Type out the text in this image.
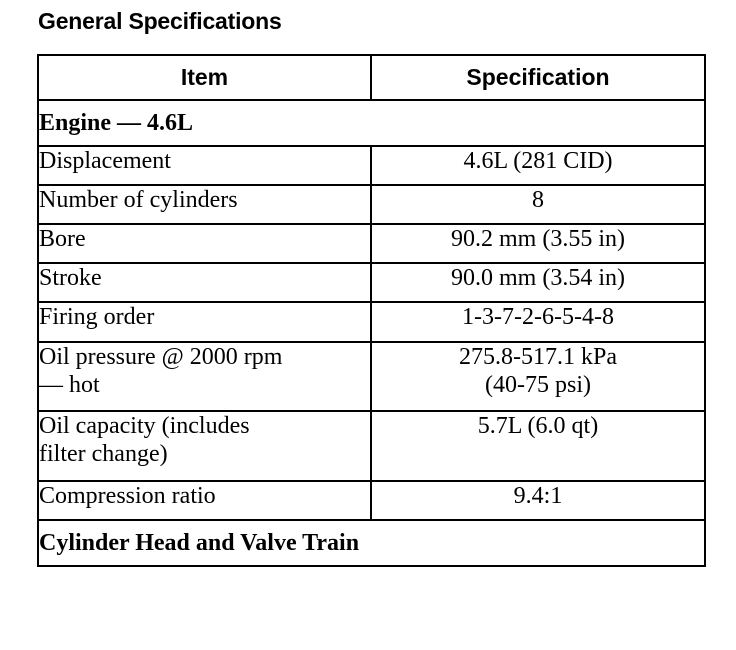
General Specifications
Item	Specification
Engine — 4.6L	

Displacement	4.6L (281 CID)

Number of cylinders	8

Bore	90.2 mm (3.55 in)

Stroke	90.0 mm (3.54 in)

Firing order	1-3-7-2-6-5-4-8

Oil pressure @ 2000 rpm
— hot	275.8-517.1 kPa
(40-75 psi)

Oil capacity (includes
filter change)	5.7L (6.0 qt)

Compression ratio	9.4:1

Cylinder Head and Valve Train	
